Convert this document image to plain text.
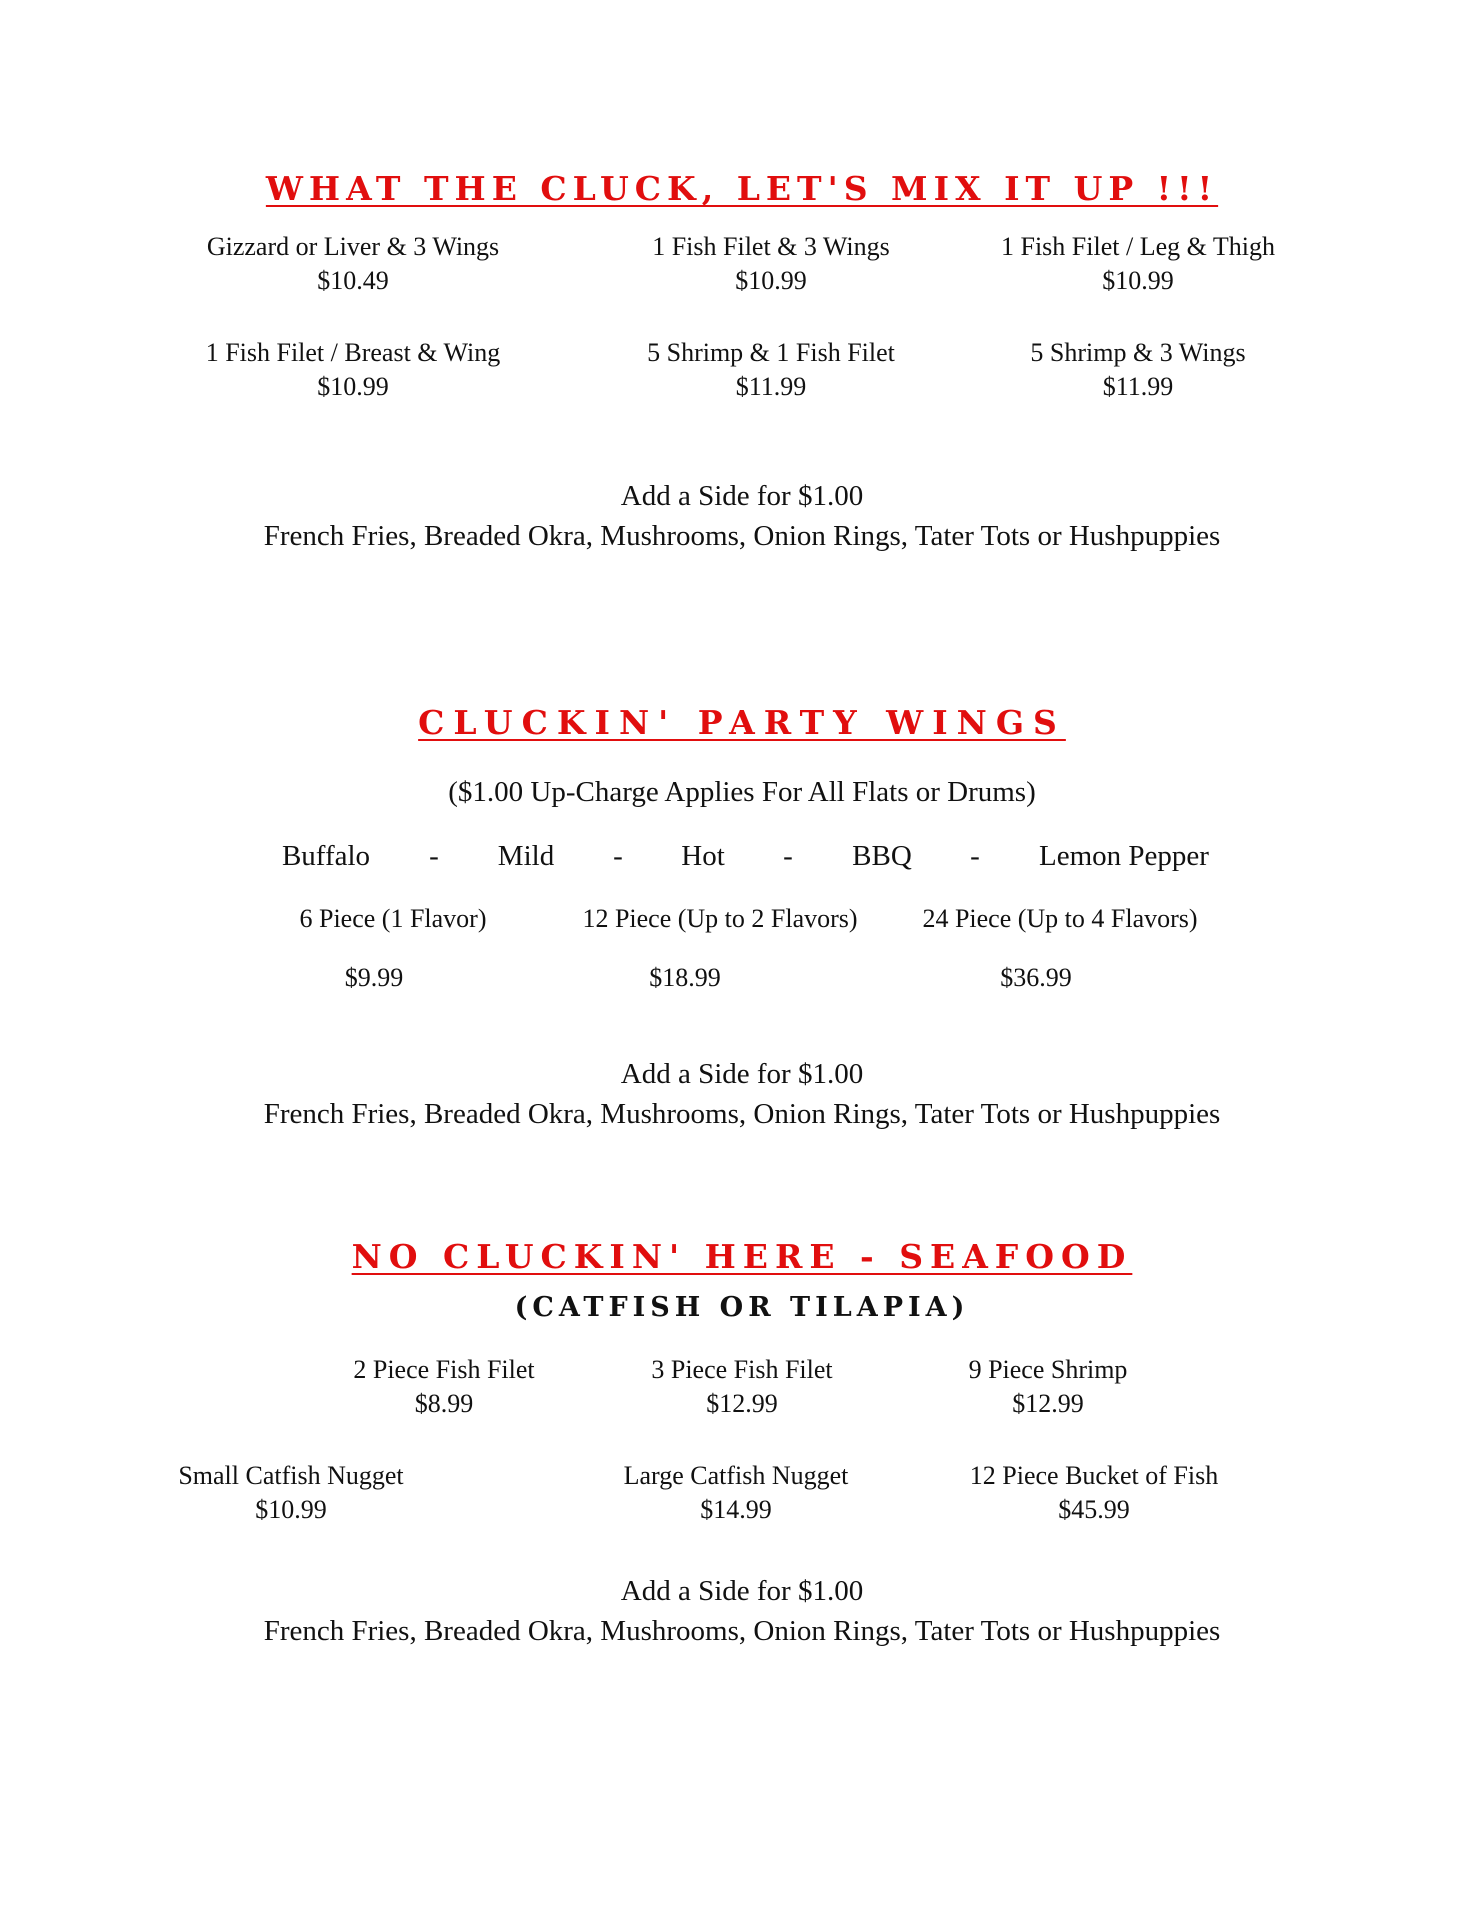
WHAT THE CLUCK, LET'S MIX IT UP !!!
Gizzard or Liver & 3 Wings
$10.49
1 Fish Filet & 3 Wings
$10.99
1 Fish Filet / Leg & Thigh
$10.99
1 Fish Filet / Breast & Wing
$10.99
5 Shrimp & 1 Fish Filet
$11.99
5 Shrimp & 3 Wings
$11.99
Add a Side for $1.00
French Fries, Breaded Okra, Mushrooms, Onion Rings, Tater Tots or Hushpuppies
CLUCKIN' PARTY WINGS
($1.00 Up-Charge Applies For All Flats or Drums)
Buffalo - Mild - Hot - BBQ - Lemon Pepper
6 Piece (1 Flavor)	12 Piece (Up to 2 Flavors) 24 Piece (Up to 4 Flavors)
$9.99	$18.99	$36.99
Add a Side for $1.00
French Fries, Breaded Okra, Mushrooms, Onion Rings, Tater Tots or Hushpuppies
NO CLUCKIN' HERE - SEAFOOD
(CATFISH OR TILAPIA)
2 Piece Fish Filet
$8.99
3 Piece Fish Filet
$12.99
9 Piece Shrimp
$12.99
Small Catfish Nugget
$10.99
Large Catfish Nugget
$14.99
12 Piece Bucket of Fish
$45.99
Add a Side for $1.00
French Fries, Breaded Okra, Mushrooms, Onion Rings, Tater Tots or Hushpuppies
